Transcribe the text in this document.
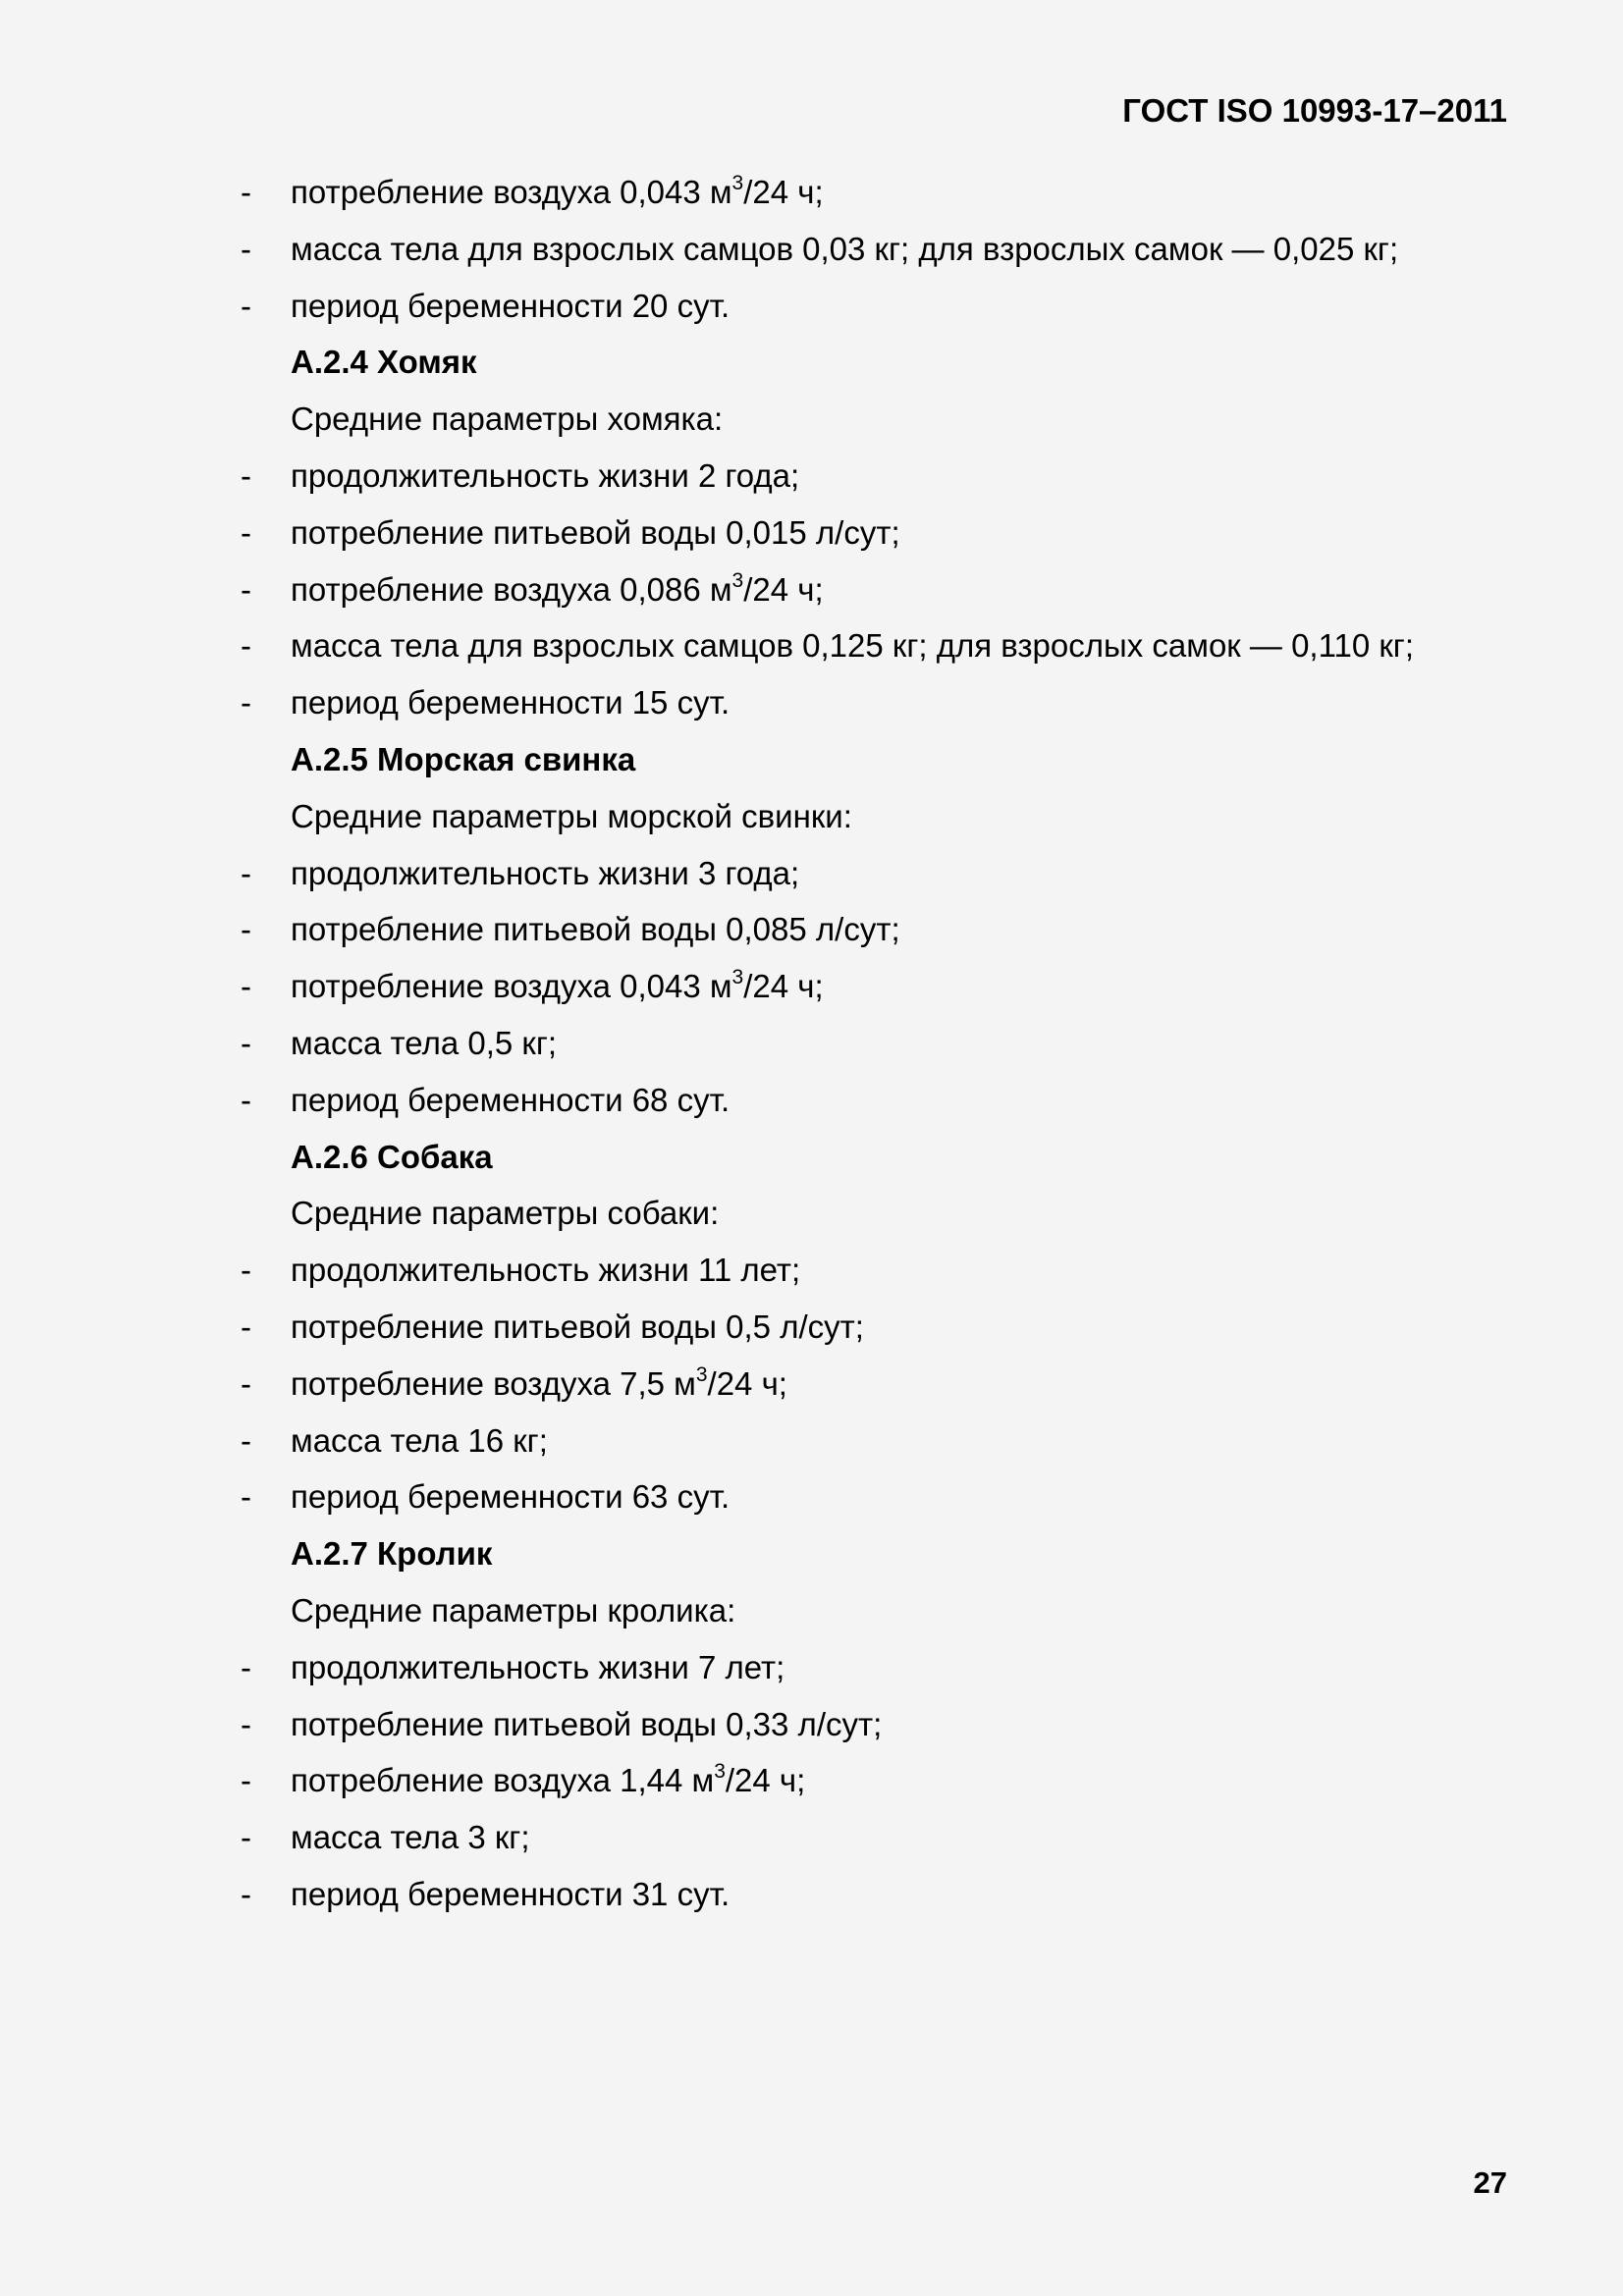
ГОСТ ISO 10993-17–2011
- потребление воздуха 0,043 $м^3/24$ ч;
- масса тела для взрослых самцов 0,03 кг; для взрослых самок — 0,025 кг;
- период беременности 20 сут.
А.2.4 Хомяк
Средние параметры хомяка:
- продолжительность жизни 2 года;
- потребление питьевой воды 0,015 л/сут;
- потребление воздуха 0,086 $м^3/24$ ч;
- масса тела для взрослых самцов 0,125 кг; для взрослых самок — 0,110 кг;
- период беременности 15 сут.
А.2.5 Морская свинка
Средние параметры морской свинки:
- продолжительность жизни 3 года;
- потребление питьевой воды 0,085 л/сут;
- потребление воздуха 0,043 $м^3/24$ ч;
- масса тела 0,5 кг;
- период беременности 68 сут.
А.2.6 Собака
Средние параметры собаки:
- продолжительность жизни 11 лет;
- потребление питьевой воды 0,5 л/сут;
- потребление воздуха 7,5 $м^3/24$ ч;
- масса тела 16 кг;
- период беременности 63 сут.
А.2.7 Кролик
Средние параметры кролика:
- продолжительность жизни 7 лет;
- потребление питьевой воды 0,33 л/сут;
- потребление воздуха 1,44 $м^3/24$ ч;
- масса тела 3 кг;
- период беременности 31 сут.
27
